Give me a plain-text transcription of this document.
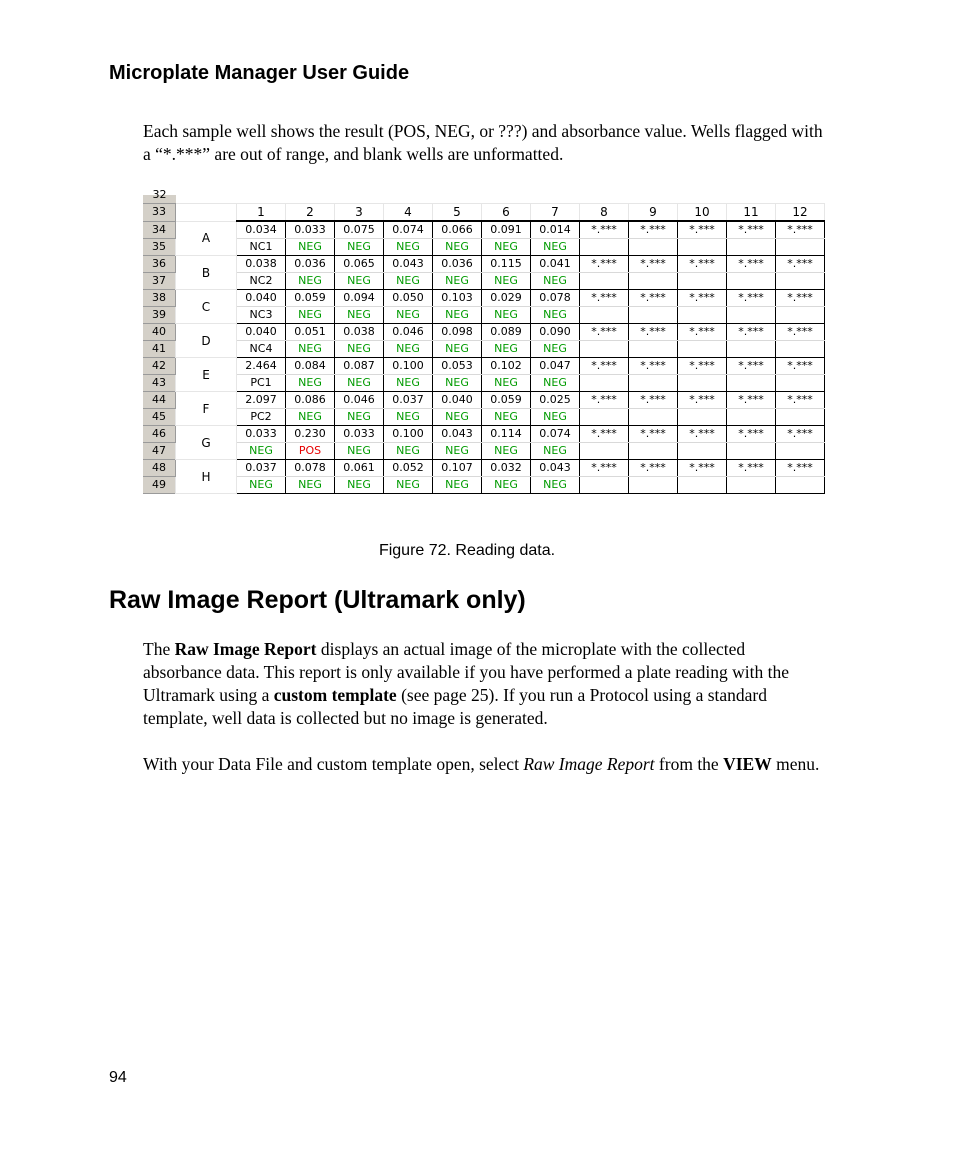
Microplate Manager User Guide

Each sample well shows the result (POS, NEG, or ???) and absorbance value. Wells flagged with a “*.***” are out of range, and blank wells are unformatted.

32
33		1	2	3	4	5	6	7	8	9	10	11	12
34	A	0.034	0.033	0.075	0.074	0.066	0.091	0.014	*.***	*.***	*.***	*.***	*.***
35		NC1	NEG	NEG	NEG	NEG	NEG	NEG					
36	B	0.038	0.036	0.065	0.043	0.036	0.115	0.041	*.***	*.***	*.***	*.***	*.***
37		NC2	NEG	NEG	NEG	NEG	NEG	NEG					
38	C	0.040	0.059	0.094	0.050	0.103	0.029	0.078	*.***	*.***	*.***	*.***	*.***
39		NC3	NEG	NEG	NEG	NEG	NEG	NEG					
40	D	0.040	0.051	0.038	0.046	0.098	0.089	0.090	*.***	*.***	*.***	*.***	*.***
41		NC4	NEG	NEG	NEG	NEG	NEG	NEG					
42	E	2.464	0.084	0.087	0.100	0.053	0.102	0.047	*.***	*.***	*.***	*.***	*.***
43		PC1	NEG	NEG	NEG	NEG	NEG	NEG					
44	F	2.097	0.086	0.046	0.037	0.040	0.059	0.025	*.***	*.***	*.***	*.***	*.***
45		PC2	NEG	NEG	NEG	NEG	NEG	NEG					
46	G	0.033	0.230	0.033	0.100	0.043	0.114	0.074	*.***	*.***	*.***	*.***	*.***
47		NEG	POS	NEG	NEG	NEG	NEG	NEG					
48	H	0.037	0.078	0.061	0.052	0.107	0.032	0.043	*.***	*.***	*.***	*.***	*.***
49		NEG	NEG	NEG	NEG	NEG	NEG	NEG					
Figure 72. Reading data.
Raw Image Report (Ultramark only)

The Raw Image Report displays an actual image of the microplate with the collected absorbance data. This report is only available if you have performed a plate reading with the Ultramark using a custom template (see page 25). If you run a Protocol using a standard template, well data is collected but no image is generated.

With your Data File and custom template open, select Raw Image Report from the VIEW menu.

94
